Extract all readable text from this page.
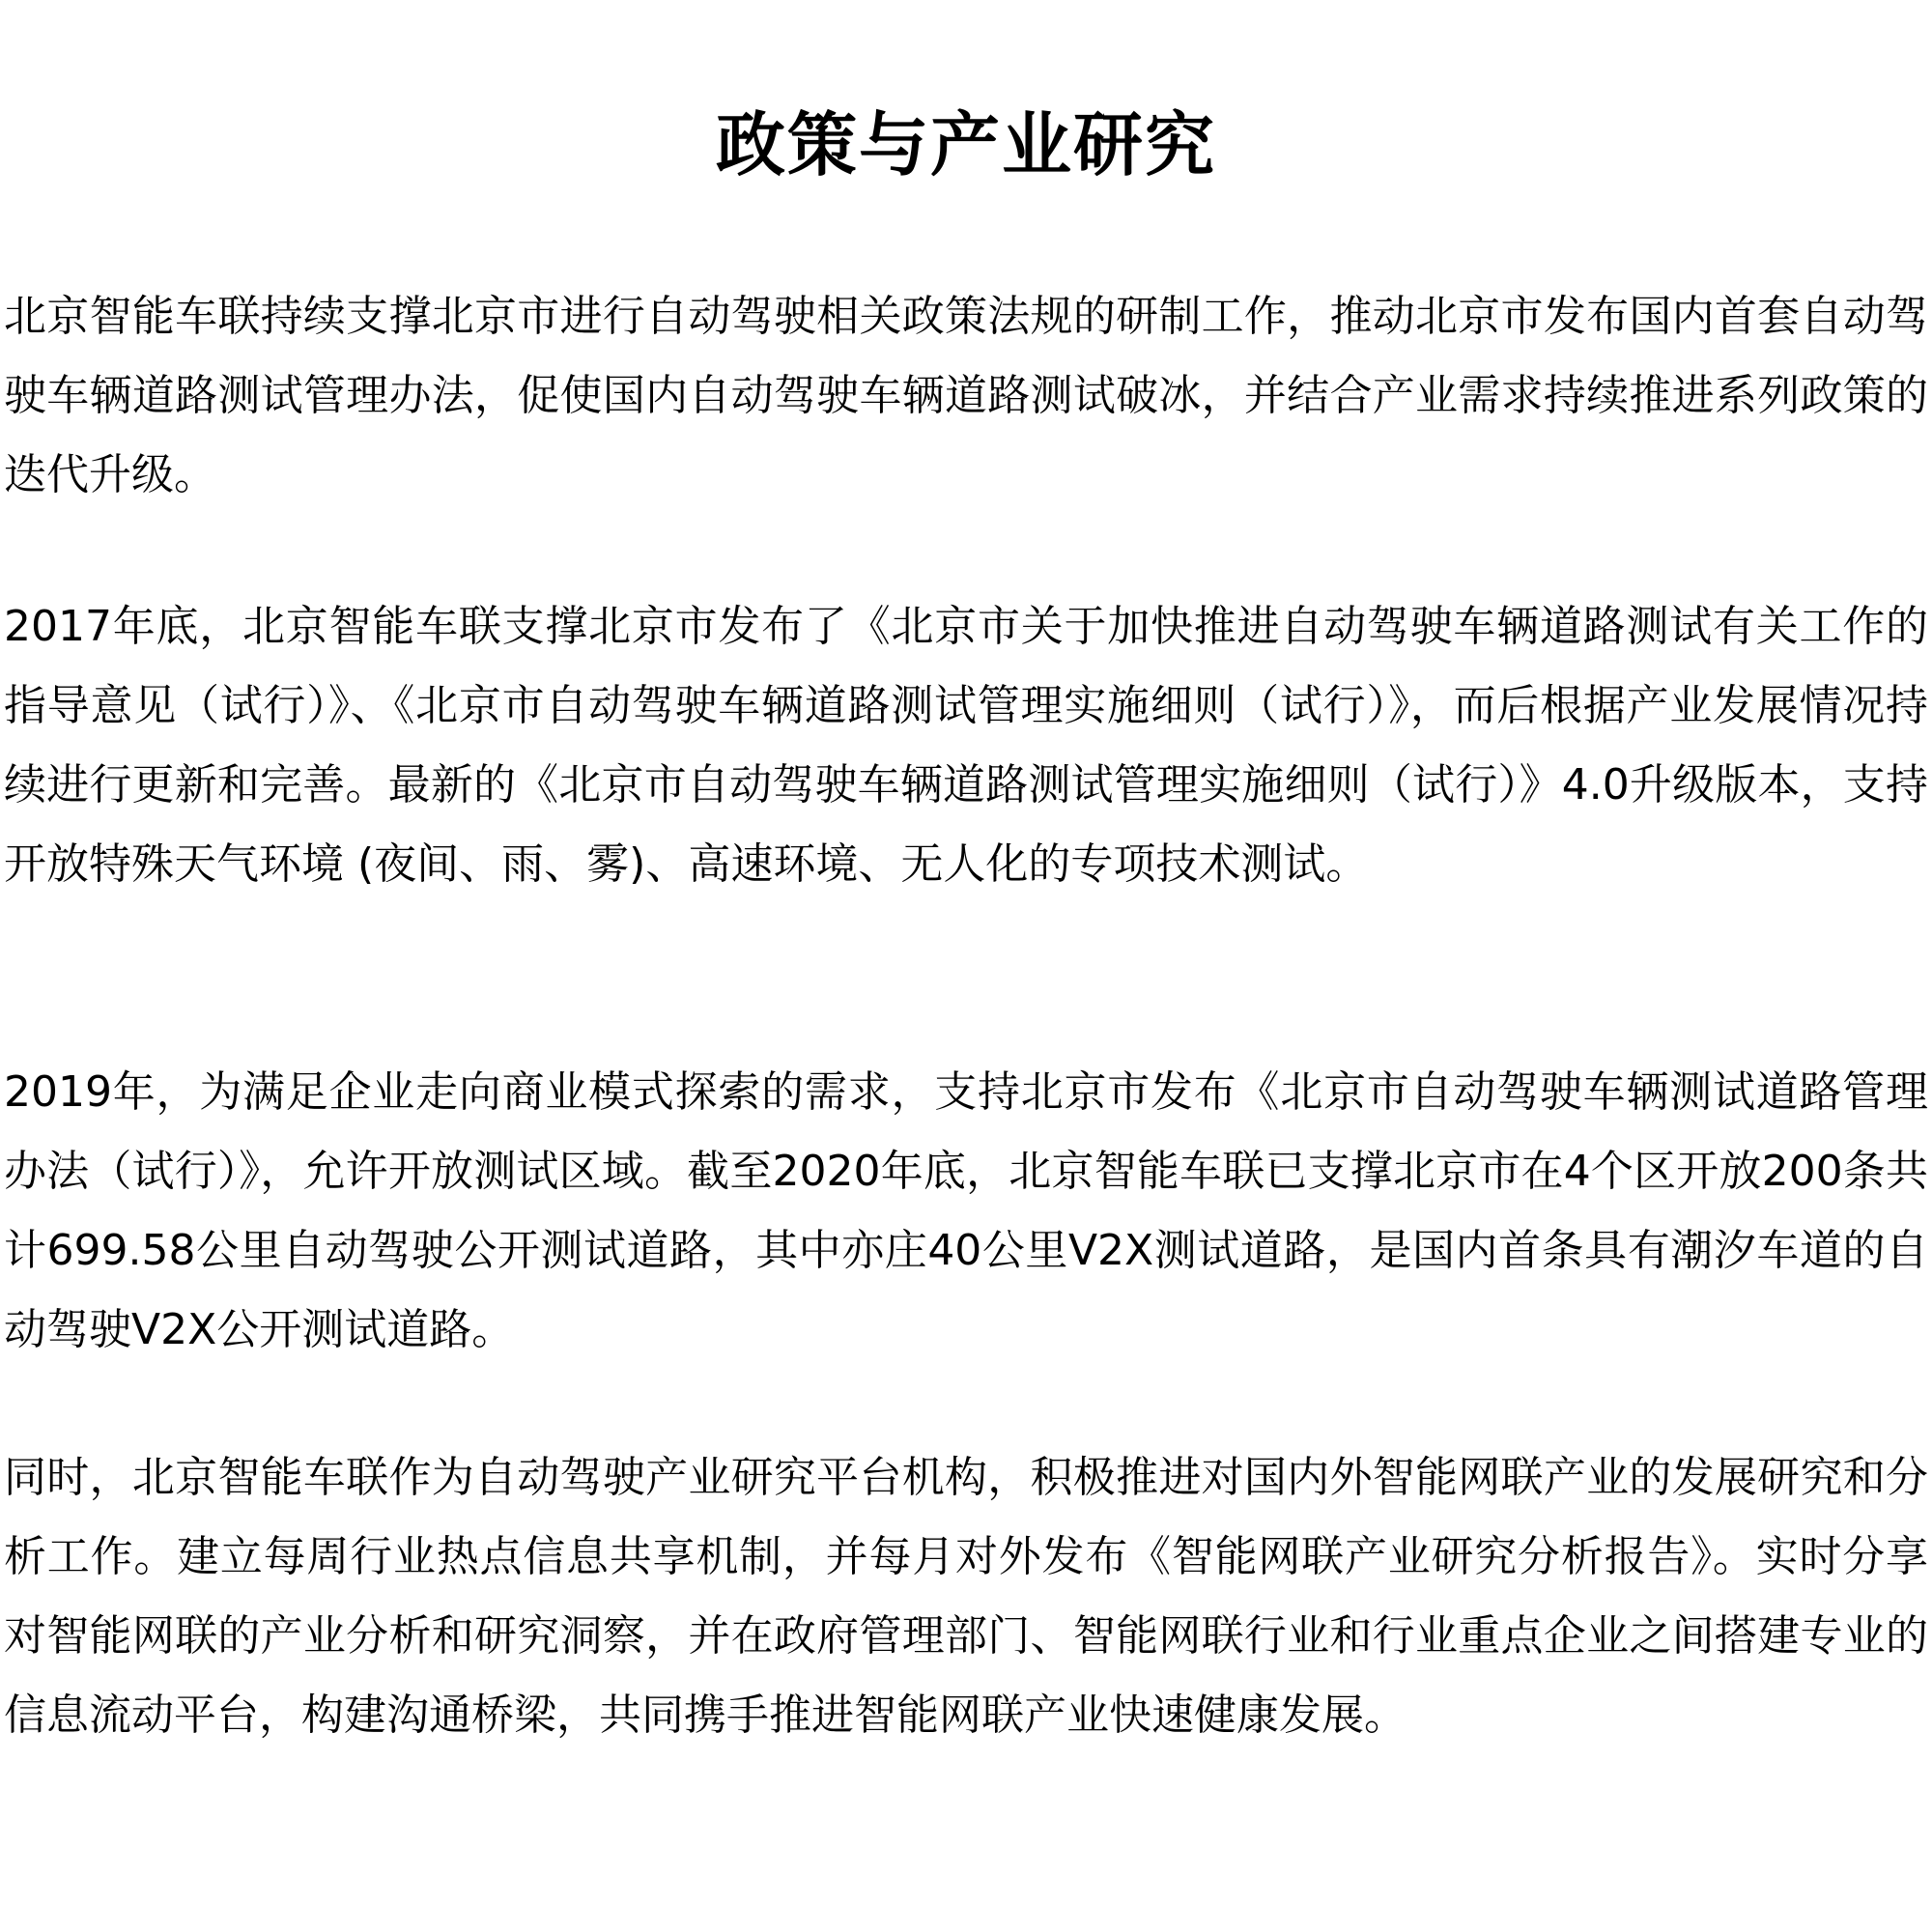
政策与产业研究

北京智能车联持续支撑北京市进行自动驾驶相关政策法规的研制工作，推动北京市发布国内首套自动驾驶车辆道路测试管理办法，促使国内自动驾驶车辆道路测试破冰，并结合产业需求持续推进系列政策的迭代升级。

2017年底，北京智能车联支撑北京市发布了《北京市关于加快推进自动驾驶车辆道路测试有关工作的指导意见（试行）》、《北京市自动驾驶车辆道路测试管理实施细则（试行）》，而后根据产业发展情况持续进行更新和完善。最新的《北京市自动驾驶车辆道路测试管理实施细则（试行）》4.0升级版本，支持开放特殊天气环境 (夜间、雨、雾)、高速环境、无人化的专项技术测试。

2019年，为满足企业走向商业模式探索的需求，支持北京市发布《北京市自动驾驶车辆测试道路管理办法（试行）》，允许开放测试区域。截至2020年底，北京智能车联已支撑北京市在4个区开放200条共计699.58公里自动驾驶公开测试道路，其中亦庄40公里V2X测试道路，是国内首条具有潮汐车道的自动驾驶V2X公开测试道路。

同时，北京智能车联作为自动驾驶产业研究平台机构，积极推进对国内外智能网联产业的发展研究和分析工作。建立每周行业热点信息共享机制，并每月对外发布《智能网联产业研究分析报告》。实时分享对智能网联的产业分析和研究洞察，并在政府管理部门、智能网联行业和行业重点企业之间搭建专业的信息流动平台，构建沟通桥梁，共同携手推进智能网联产业快速健康发展。
